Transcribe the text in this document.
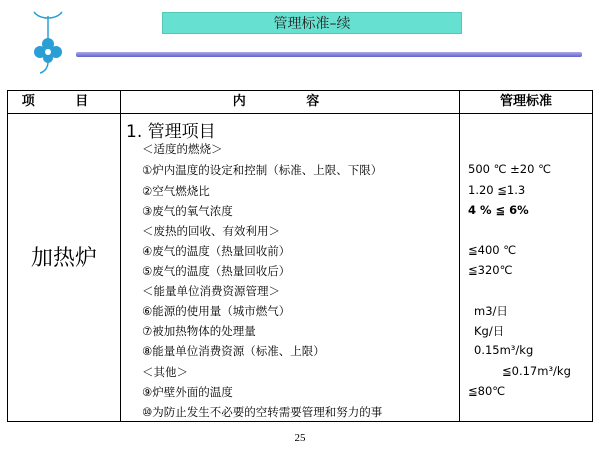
管理标准–续
项 目	内 容	管理标准
加热炉
1. 管理项目
＜适度的燃烧＞
①炉内温度的设定和控制（标准、上限、下限）
②空气燃烧比
③废气的氧气浓度
＜废热的回收、有效利用＞
④废气的温度（热量回收前）
⑤废气的温度（热量回收后）
＜能量单位消费资源管理＞
⑥能源的使用量（城市燃气）
⑦被加热物体的处理量
⑧能量单位消费资源（标准、上限）
＜其他＞
⑨炉壁外面的温度
⑩为防止发生不必要的空转需要管理和努力的事
500 ℃ ±20 ℃
1.20 ≦1.3
4 % ≦ 6%
≦400 ℃
≦320℃
m3/日
Kg/日
0.15m³/kg
≦0.17m³/kg
≦80℃
25
